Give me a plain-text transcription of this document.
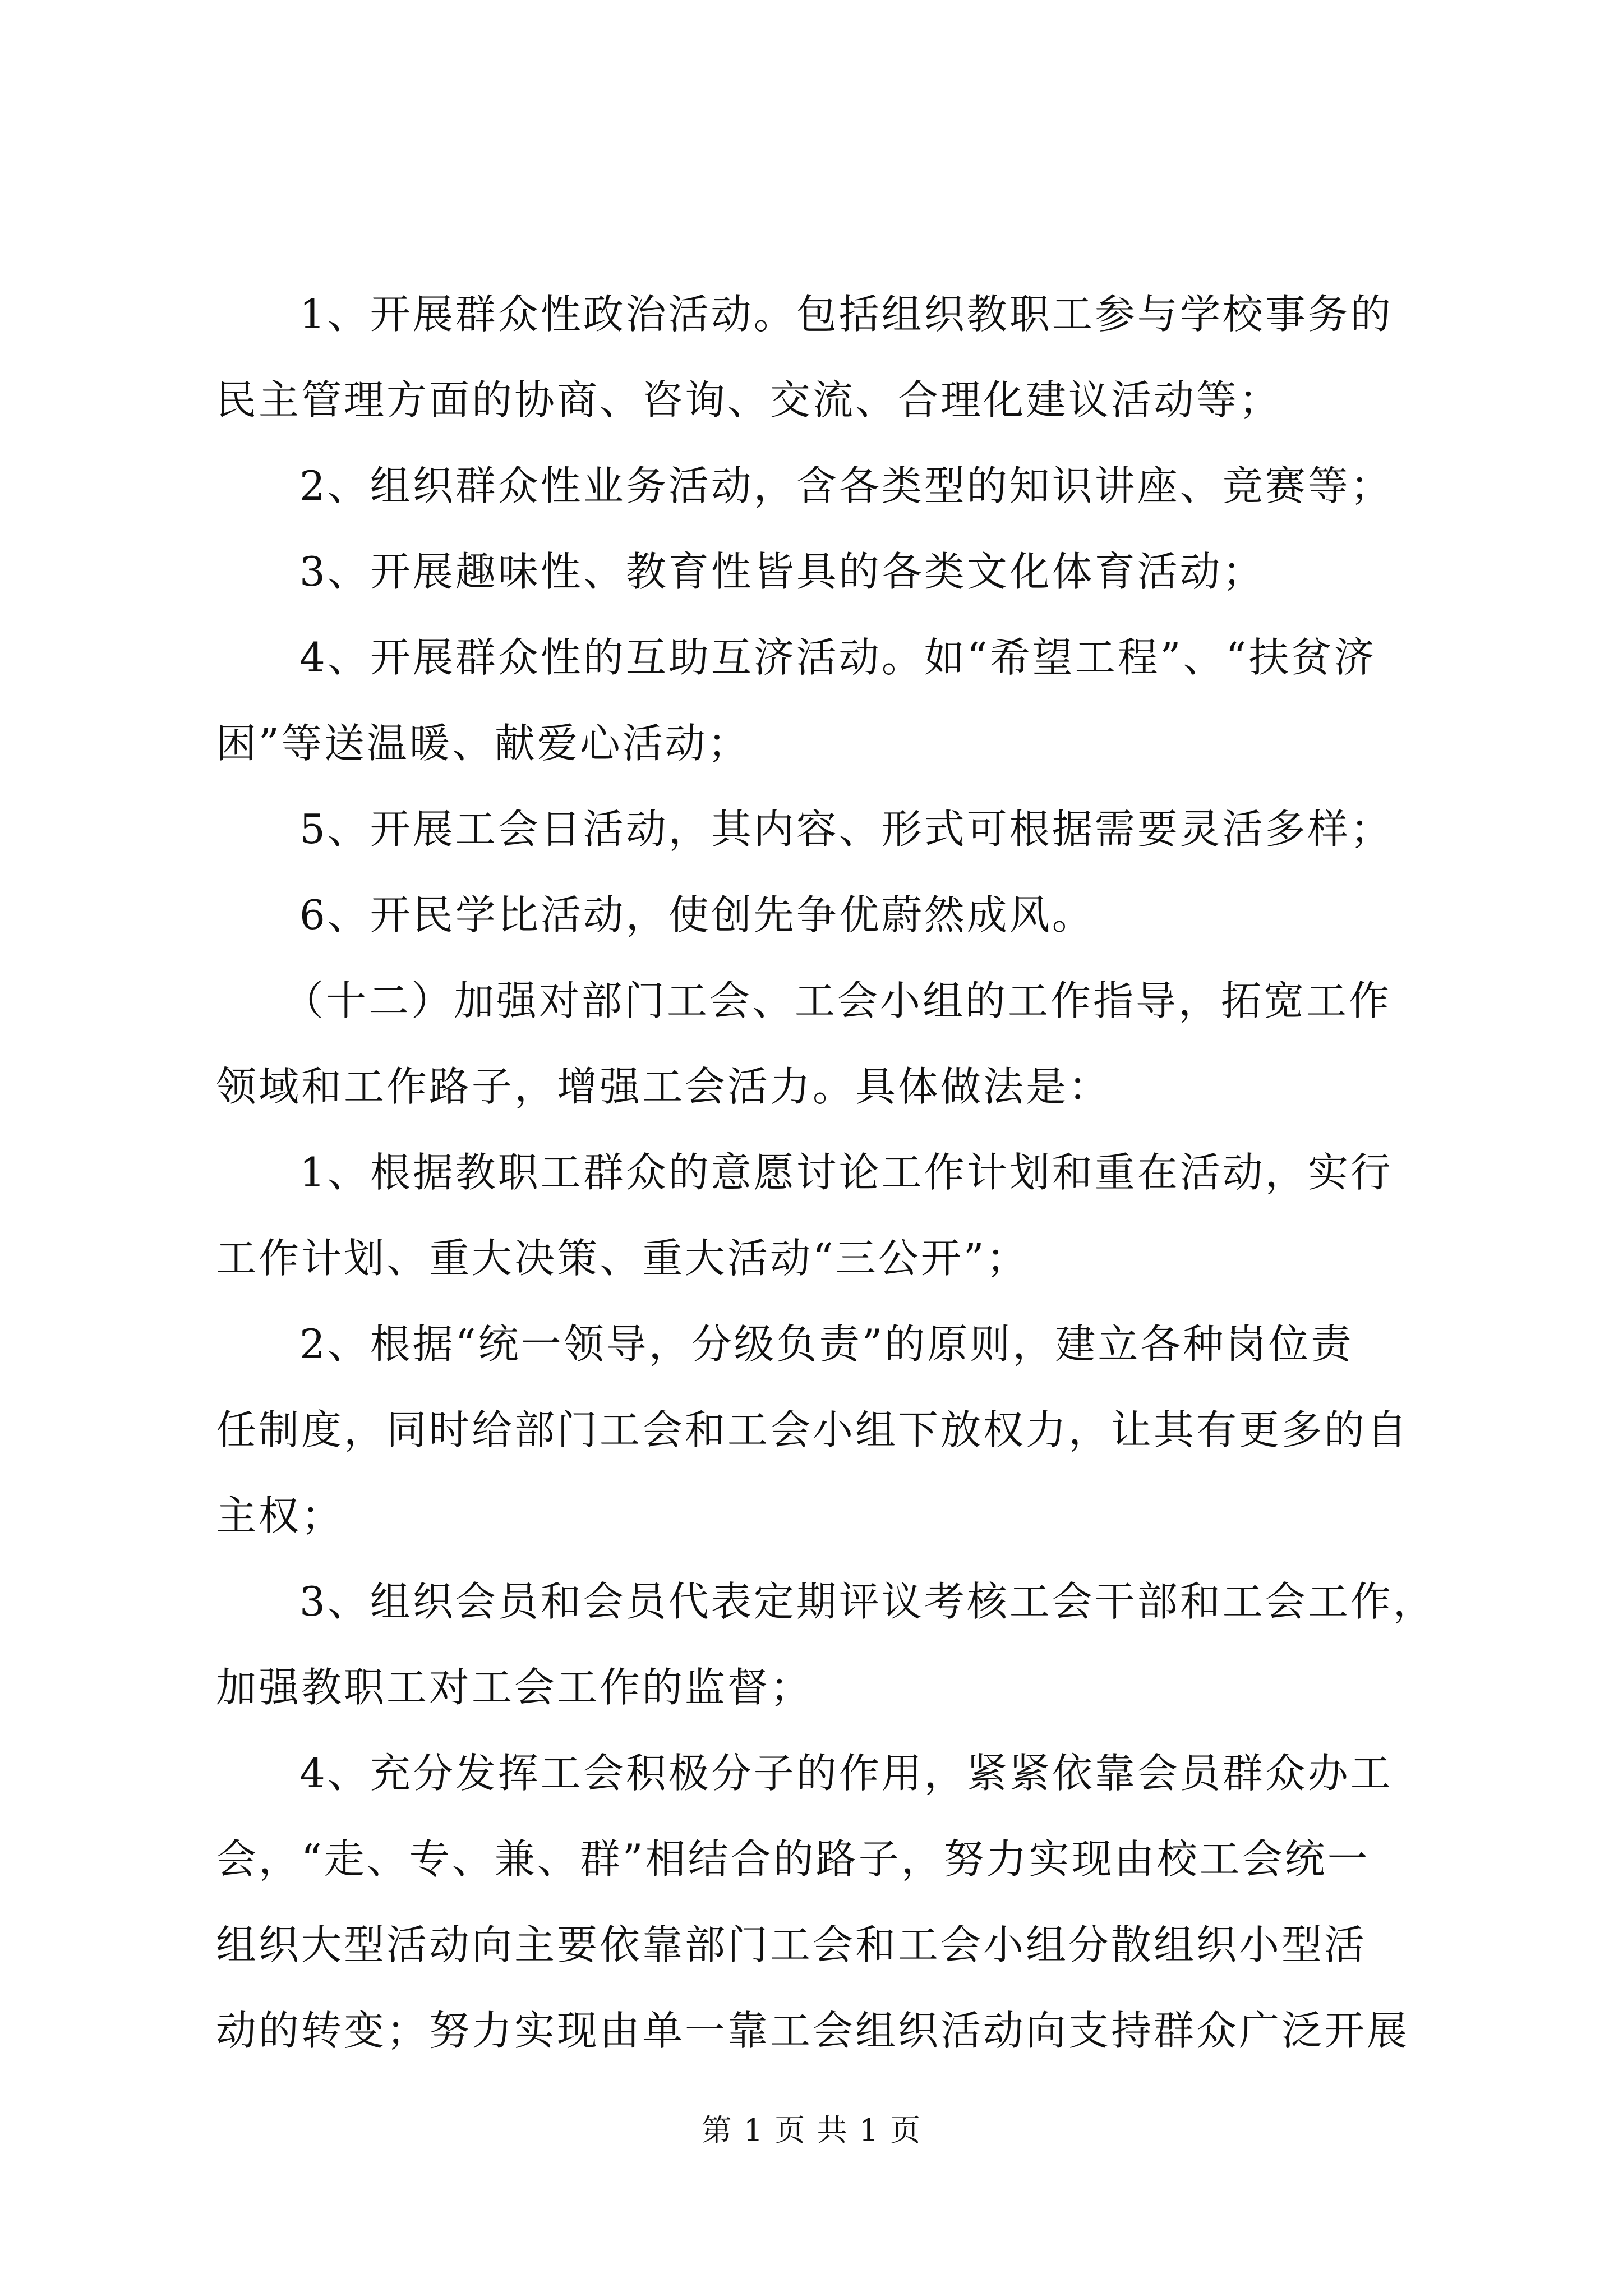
1、开展群众性政治活动。包括组织教职工参与学校事务的
民主管理方面的协商、咨询、交流、合理化建议活动等；
2、组织群众性业务活动，含各类型的知识讲座、竞赛等；
3、开展趣味性、教育性皆具的各类文化体育活动；
4、开展群众性的互助互济活动。如“希望工程”、“扶贫济
困”等送温暖、献爱心活动；
5、开展工会日活动，其内容、形式可根据需要灵活多样；
6、开民学比活动，使创先争优蔚然成风。
（十二）加强对部门工会、工会小组的工作指导，拓宽工作
领域和工作路子，增强工会活力。具体做法是：
1、根据教职工群众的意愿讨论工作计划和重在活动，实行
工作计划、重大决策、重大活动“三公开”；
2、根据“统一领导，分级负责”的原则，建立各种岗位责
任制度，同时给部门工会和工会小组下放权力，让其有更多的自
主权；
3、组织会员和会员代表定期评议考核工会干部和工会工作，
加强教职工对工会工作的监督；
4、充分发挥工会积极分子的作用，紧紧依靠会员群众办工
会，“走、专、兼、群”相结合的路子，努力实现由校工会统一
组织大型活动向主要依靠部门工会和工会小组分散组织小型活
动的转变；努力实现由单一靠工会组织活动向支持群众广泛开展
第 1 页 共 1 页
